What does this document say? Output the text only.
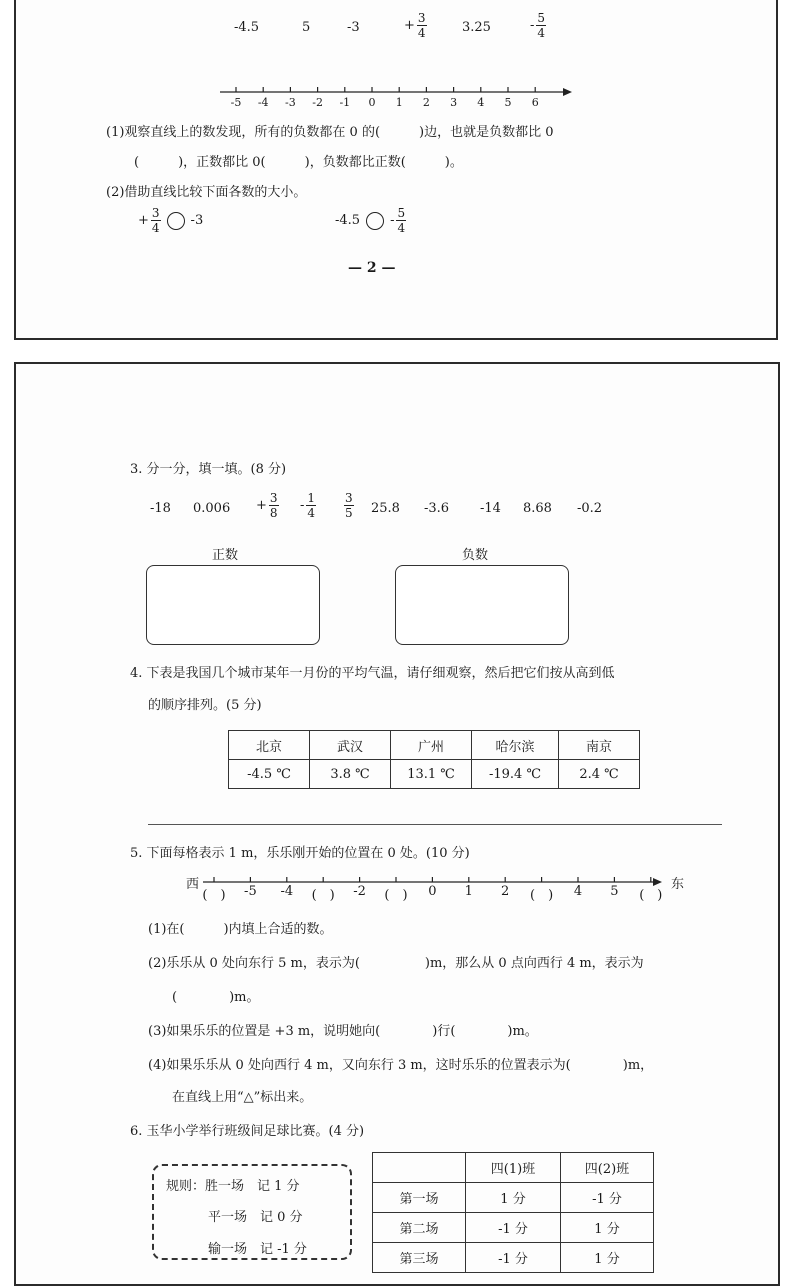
-4.5	5	-3	+ $\frac{3}{4}$	3.25	- $\frac{5}{4}$
-5 -4 -3 -2 -1	0	1	2	3	4	5	6
(1)观察直线上的数发现，所有的负数都在 0 的(　　　)边，也就是负数都比 0
(　　　)，正数都比 0(　　　)，负数都比正数(　　　)。
(2)借助直线比较下面各数的大小。
+ $\frac{3}{4} -3$	$-4.5 - \frac{5}{4}$
— 2 —
3. 分一分，填一填。(8 分)
-18 $0.006 + \frac{3}{8} - \frac{1}{4} \frac{3}{5} 25.8$ -3.6 -14 8.68 -0.2
正数	负数
4. 下表是我国几个城市某年一月份的平均气温，请仔细观察，然后把它们按从高到低
的顺序排列。(5 分)
北京	武汉	广州	哈尔滨	南京
-4.5 ℃	3.8 ℃	13.1 ℃	-19.4 ℃	2.4 ℃
5. 下面每格表示 1 m，乐乐刚开始的位置在 0 处。(10 分)
西	东
(　)	-5	-4	(　)	-2	(　)	0	1	2	(　)	4	5	(　)
(1)在(　　　)内填上合适的数。
(2)乐乐从 0 处向东行 5 m，表示为(　　　　　)m，那么从 0 点向西行 4 m，表示为
(　　　　)m。
(3)如果乐乐的位置是 +3 m，说明她向(　　　　)行(　　　　)m。
(4)如果乐乐从 0 处向西行 4 m，又向东行 3 m，这时乐乐的位置表示为(　　　　)m，
在直线上用“△”标出来。
6. 玉华小学举行班级间足球比赛。(4 分)
规则：胜一场　记 1 分
平一场　记 0 分
输一场　记 -1 分
	四(1)班	四(2)班
第一场	1 分	-1 分
第二场	-1 分	1 分
第三场	-1 分	1 分
